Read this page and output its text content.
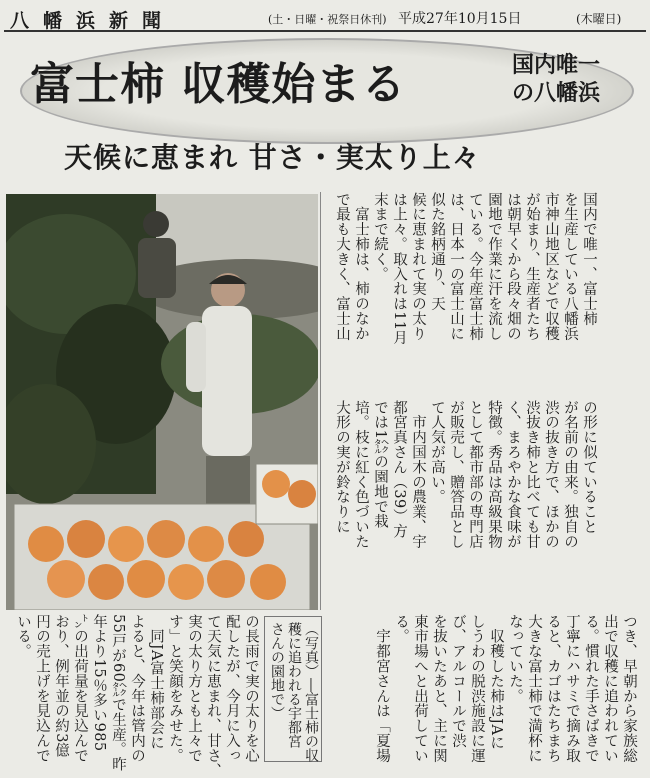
八幡浜新聞	(土・日曜・祝祭日休刊) 平成27年10月15日	(木曜日)
富士柿 収穫始まる	国内唯一
の八幡浜
天候に恵まれ 甘さ・実太り上々
国内で唯一、富士柿
を生産している八幡浜
市神山地区などで収穫
が始まり、生産者たち
は朝早くから段々畑の
園地で作業に汗を流し
ている。今年産富士柿
は、日本一の富士山に
似た銘柄通り、天
候に恵まれて実の太り
は上々。取入れは11月
末まで続く。
　富士柿は、柿のなか
で最も大きく、富士山
の形に似ていること
が名前の由来。独自の
渋の抜き方で、ほかの
渋抜き柿と比べても甘
く、まろやかな食味が
特徴。秀品は高級果物
として都市部の専門店
が販売し、贈答品とし
て人気が高い。
　市内国木の農業、宇
都宮真さん（39）方
では1㌶の園地で栽
培。枝に紅く色づいた
大形の実が鈴なりに
の長雨で実の太りを心
配したが、今月に入っ
て天気に恵まれ、甘さ、
実の太り方とも上々で
す」と笑顔をみせた。
　同JA富士柿部会に
よると、今年は管内の
55戸が60㌶で生産。昨
年より15％多い985
㌧の出荷量を見込んで
おり、例年並の約3億
円の売上げを見込んで
いる。	（写真）―富士柿の収
穫に追われる宇都宮
さんの園地で）	つき、早朝から家族総
出で収穫に追われてい
る。慣れた手さばきで
丁寧にハサミで摘み取
ると、カゴはたちまち
大きな富士柿で満杯に
なっていた。
　収穫した柿はJAに
しうわの脱渋施設に運
び、アルコールで渋
を抜いたあと、主に関
東市場へと出荷してい
る。
　宇都宮さんは「夏場
